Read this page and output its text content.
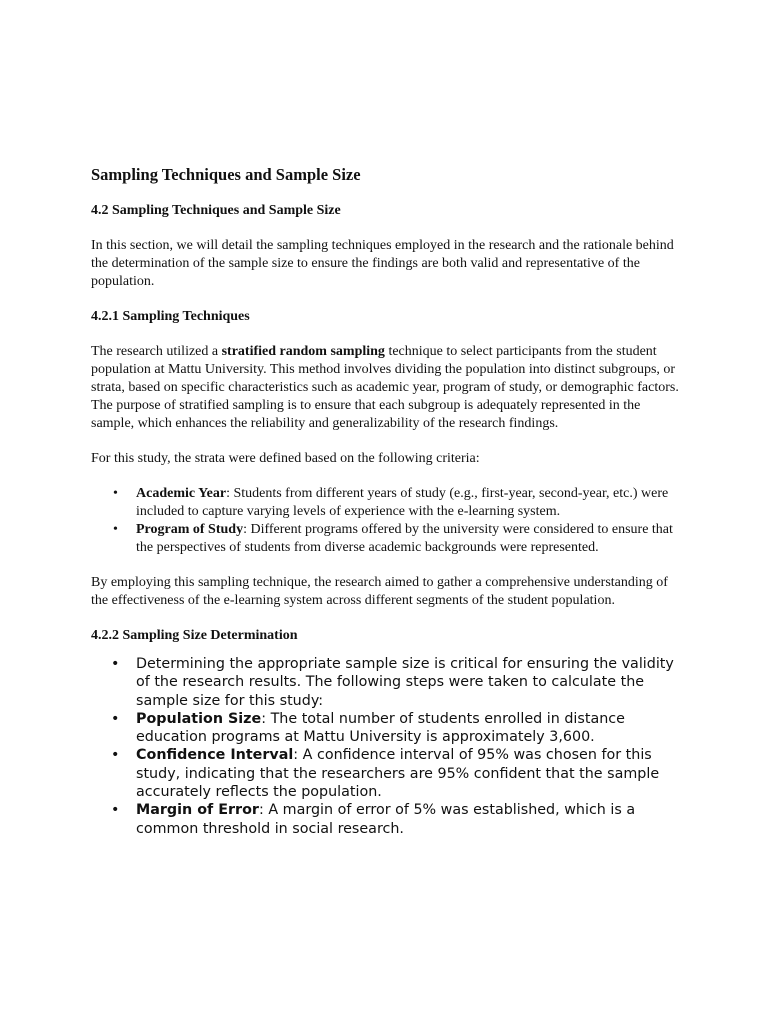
Sampling Techniques and Sample Size
4.2 Sampling Techniques and Sample Size

In this section, we will detail the sampling techniques employed in the research and the rationale behind the determination of the sample size to ensure the findings are both valid and representative of the population.

4.2.1 Sampling Techniques

The research utilized a stratified random sampling technique to select participants from the student population at Mattu University. This method involves dividing the population into distinct subgroups, or strata, based on specific characteristics such as academic year, program of study, or demographic factors. The purpose of stratified sampling is to ensure that each subgroup is adequately represented in the sample, which enhances the reliability and generalizability of the research findings.

For this study, the strata were defined based on the following criteria:

• Academic Year: Students from different years of study (e.g., first-year, second-year, etc.) were included to capture varying levels of experience with the e-learning system.
• Program of Study: Different programs offered by the university were considered to ensure that the perspectives of students from diverse academic backgrounds were represented.

By employing this sampling technique, the research aimed to gather a comprehensive understanding of the effectiveness of the e-learning system across different segments of the student population.

4.2.2 Sampling Size Determination
• Determining the appropriate sample size is critical for ensuring the validity of the research results. The following steps were taken to calculate the sample size for this study:
• Population Size: The total number of students enrolled in distance education programs at Mattu University is approximately 3,600.
• Confidence Interval: A confidence interval of 95% was chosen for this study, indicating that the researchers are 95% confident that the sample accurately reflects the population.
• Margin of Error: A margin of error of 5% was established, which is a common threshold in social research.
